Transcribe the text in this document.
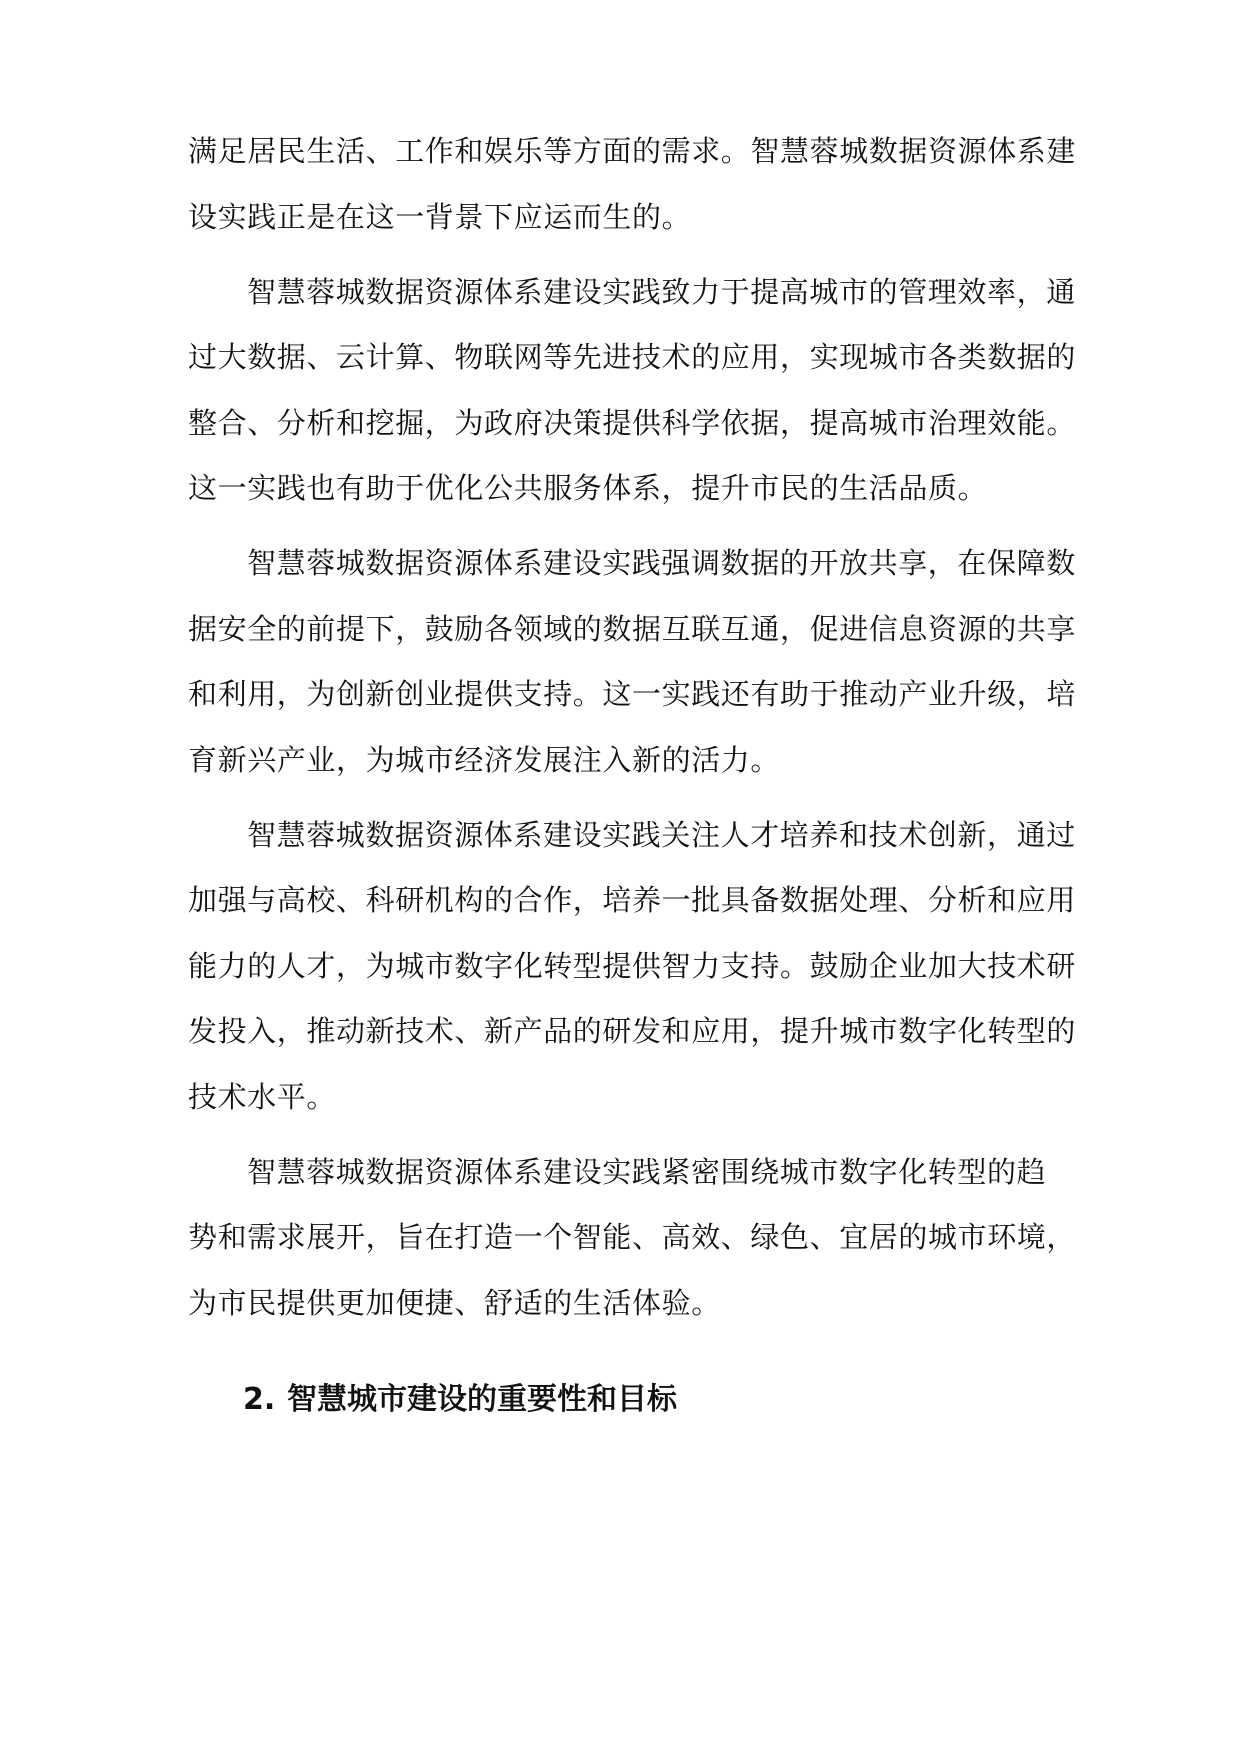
满足居民生活、工作和娱乐等方面的需求。智慧蓉城数据资源体系建
设实践正是在这一背景下应运而生的。
智慧蓉城数据资源体系建设实践致力于提高城市的管理效率，通
过大数据、云计算、物联网等先进技术的应用，实现城市各类数据的
整合、分析和挖掘，为政府决策提供科学依据，提高城市治理效能。
这一实践也有助于优化公共服务体系，提升市民的生活品质。
智慧蓉城数据资源体系建设实践强调数据的开放共享，在保障数
据安全的前提下，鼓励各领域的数据互联互通，促进信息资源的共享
和利用，为创新创业提供支持。这一实践还有助于推动产业升级，培
育新兴产业，为城市经济发展注入新的活力。
智慧蓉城数据资源体系建设实践关注人才培养和技术创新，通过
加强与高校、科研机构的合作，培养一批具备数据处理、分析和应用
能力的人才，为城市数字化转型提供智力支持。鼓励企业加大技术研
发投入，推动新技术、新产品的研发和应用，提升城市数字化转型的
技术水平。
智慧蓉城数据资源体系建设实践紧密围绕城市数字化转型的趋
势和需求展开，旨在打造一个智能、高效、绿色、宜居的城市环境，
为市民提供更加便捷、舒适的生活体验。
2. 智慧城市建设的重要性和目标
